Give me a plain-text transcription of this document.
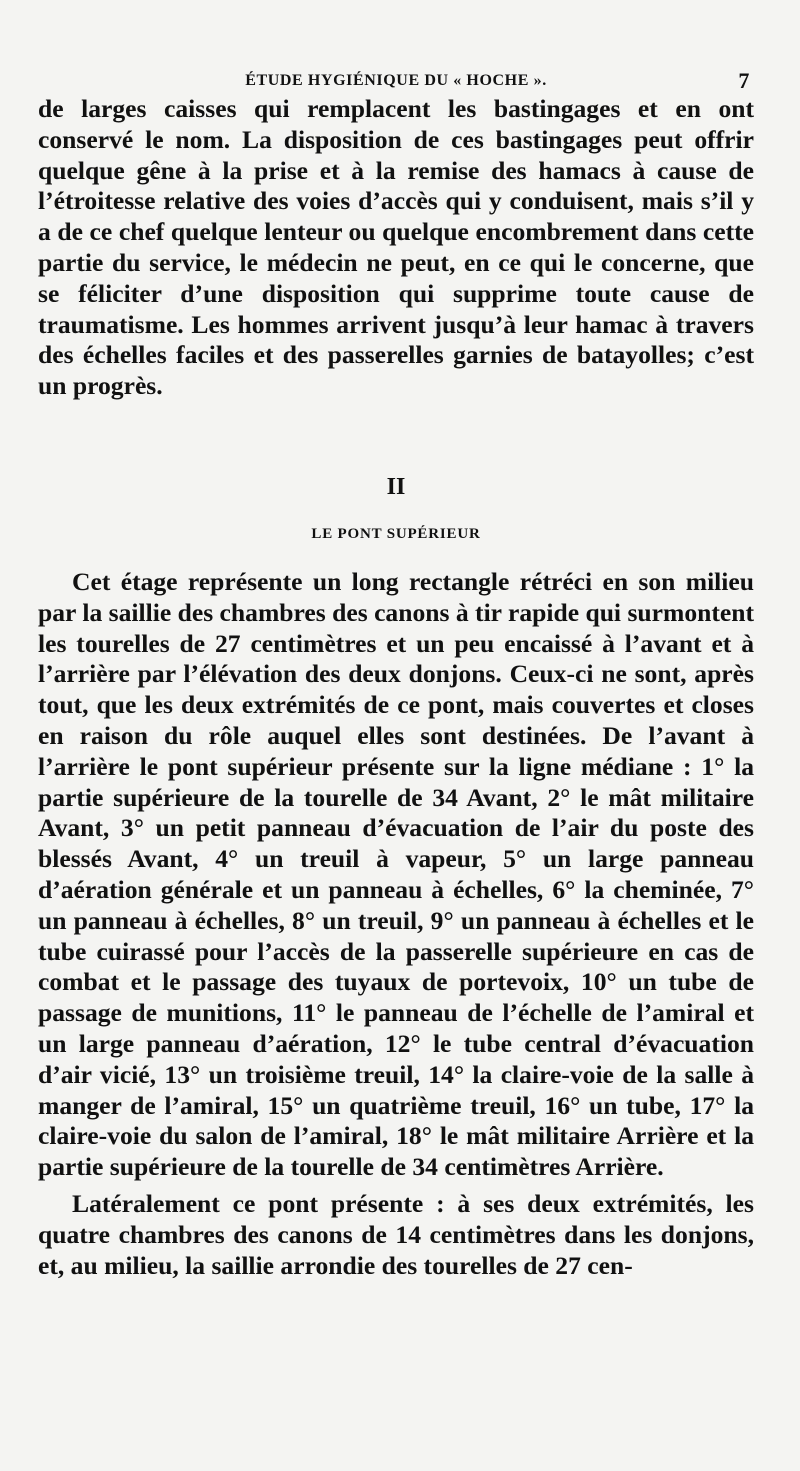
ÉTUDE HYGIÉNIQUE DU « HOCHE ».	7

de larges caisses qui remplacent les bastingages et en ont conservé le nom. La disposition de ces bastingages peut offrir quelque gêne à la prise et à la remise des hamacs à cause de l’étroitesse relative des voies d’accès qui y conduisent, mais s’il y a de ce chef quelque lenteur ou quelque encombrement dans cette partie du service, le médecin ne peut, en ce qui le concerne, que se féliciter d’une disposition qui supprime toute cause de traumatisme. Les hommes arrivent jusqu’à leur hamac à travers des échelles faciles et des passerelles garnies de batayolles; c’est un progrès.

II
LE PONT SUPÉRIEUR

Cet étage représente un long rectangle rétréci en son milieu par la saillie des chambres des canons à tir rapide qui surmontent les tourelles de 27 centimètres et un peu encaissé à l’avant et à l’arrière par l’élévation des deux donjons. Ceux-ci ne sont, après tout, que les deux extrémités de ce pont, mais couvertes et closes en raison du rôle auquel elles sont destinées. De l’avant à l’arrière le pont supérieur présente sur la ligne médiane : 1° la partie supérieure de la tourelle de 34 Avant, 2° le mât militaire Avant, 3° un petit panneau d’évacuation de l’air du poste des blessés Avant, 4° un treuil à vapeur, 5° un large panneau d’aération générale et un panneau à échelles, 6° la cheminée, 7° un panneau à échelles, 8° un treuil, 9° un panneau à échelles et le tube cuirassé pour l’accès de la passerelle supérieure en cas de combat et le passage des tuyaux de portevoix, 10° un tube de passage de munitions, 11° le panneau de l’échelle de l’amiral et un large panneau d’aération, 12° le tube central d’évacuation d’air vicié, 13° un troisième treuil, 14° la claire-voie de la salle à manger de l’amiral, 15° un quatrième treuil, 16° un tube, 17° la claire-voie du salon de l’amiral, 18° le mât militaire Arrière et la partie supérieure de la tourelle de 34 centimètres Arrière.

Latéralement ce pont présente : à ses deux extrémités, les quatre chambres des canons de 14 centimètres dans les donjons, et, au milieu, la saillie arrondie des tourelles de 27 cen-
